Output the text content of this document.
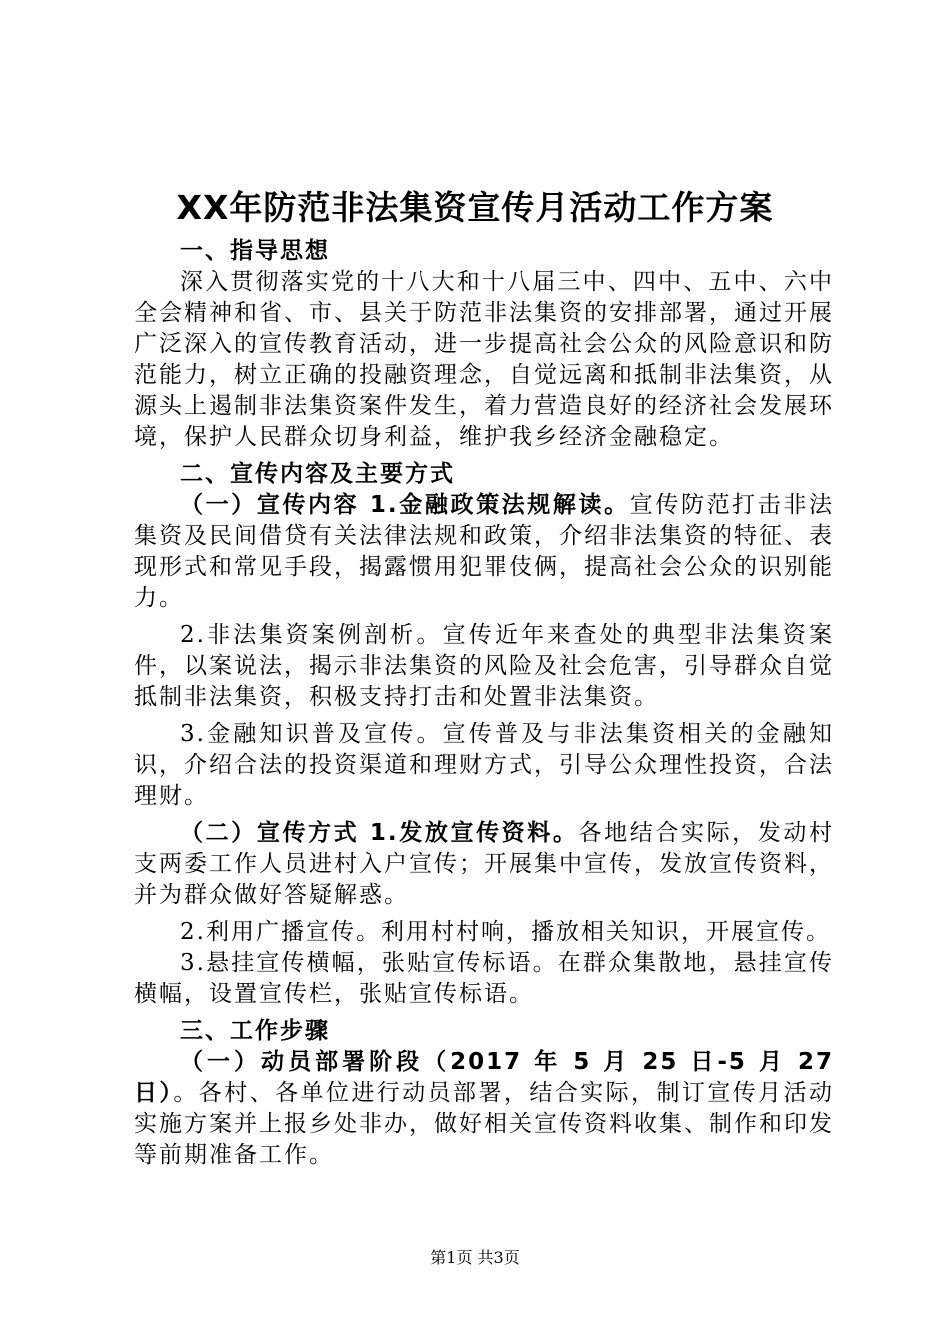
XX年防范非法集资宣传月活动工作方案

一、指导思想

深入贯彻落实党的十八大和十八届三中、四中、五中、六中全会精神和省、市、县关于防范非法集资的安排部署，通过开展广泛深入的宣传教育活动，进一步提高社会公众的风险意识和防范能力，树立正确的投融资理念，自觉远离和抵制非法集资，从源头上遏制非法集资案件发生，着力营造良好的经济社会发展环境，保护人民群众切身利益，维护我乡经济金融稳定。

二、宣传内容及主要方式

（一）宣传内容 1.金融政策法规解读。宣传防范打击非法集资及民间借贷有关法律法规和政策，介绍非法集资的特征、表现形式和常见手段，揭露惯用犯罪伎俩，提高社会公众的识别能力。

2.非法集资案例剖析。宣传近年来查处的典型非法集资案件，以案说法，揭示非法集资的风险及社会危害，引导群众自觉抵制非法集资，积极支持打击和处置非法集资。

3.金融知识普及宣传。宣传普及与非法集资相关的金融知识，介绍合法的投资渠道和理财方式，引导公众理性投资，合法理财。

（二）宣传方式 1.发放宣传资料。各地结合实际，发动村支两委工作人员进村入户宣传；开展集中宣传，发放宣传资料，并为群众做好答疑解惑。

2.利用广播宣传。利用村村响，播放相关知识，开展宣传。

3.悬挂宣传横幅，张贴宣传标语。在群众集散地，悬挂宣传横幅，设置宣传栏，张贴宣传标语。

三、工作步骤

（一）动员部署阶段（2017 年 5 月 25 日-5 月 27 日）。各村、各单位进行动员部署，结合实际，制订宣传月活动实施方案并上报乡处非办，做好相关宣传资料收集、制作和印发等前期准备工作。

第1页 共3页
